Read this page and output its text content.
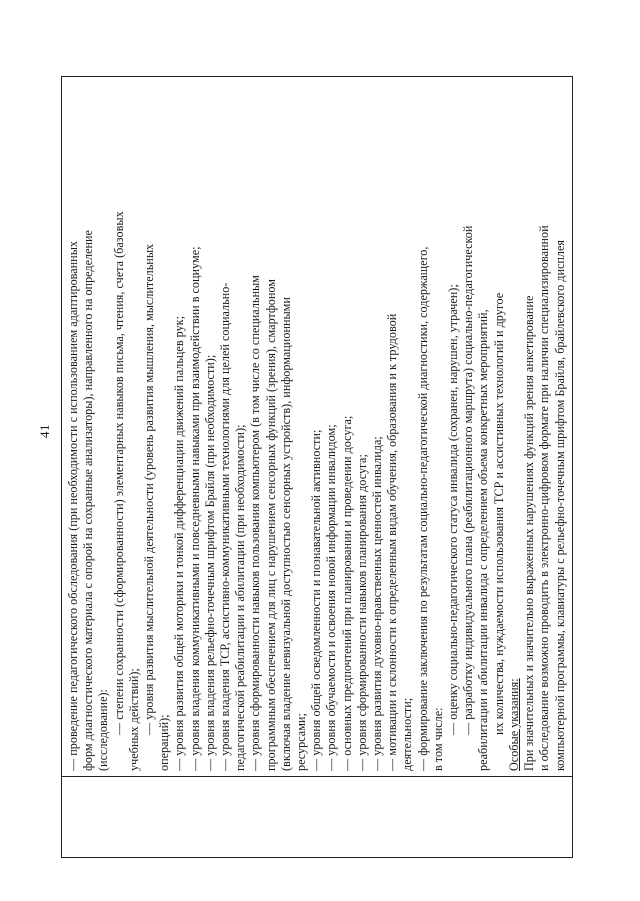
41 — проведение педагогического обследования (при необходимости с использованием адаптированных форм диагностического материала с опорой на сохранные анализаторы), направленного на определение (исследование): — степени сохранности (сформированности) элементарных навыков письма, чтения, счета (базовых учебных действий); — уровня развития мыслительной деятельности (уровень развития мышления, мыслительных
операций); — уровня развития общей моторики и тонкой дифференциации движений пальцев рук; — уровня владения коммуникативными и повседневными навыками при взаимодействии в социуме; — уровня владения рельефно-точечным шрифтом Брайля (при необходимости); — уровня владения ТСР, ассистивно-коммуникативными технологиями для целей социально- педагогической реабилитации и абилитации (при необходимости); — уровня сформированности навыков пользования компьютером (в том числе со специальным программным обеспечением для лиц с нарушением сенсорных функций (зрения), смартфоном (включая владение невизуальной доступностью сенсорных устройств), информационными ресурсами; — уровня общей осведомленности и познавательной активности; — уровня обучаемости и освоения новой информации инвалидом; — основных предпочтений при планировании и проведении досуга; — уровня сформированности навыков планирования досуга; — уровня развития духовно-нравственных ценностей инвалида; — мотивации и склонности к определенным видам обучения, образования и к трудовой деятельности; — формирование заключения по результатам социально-педагогической диагностики, содержащего, в том числе:
— оценку социально-педагогического статуса инвалида (сохранен, нарушен, утрачен); — разработку индивидуального плана (реабилитационного маршрута) социально-педагогической реабилитации и абилитации инвалида с определением объема конкретных мероприятий, их количества, нуждаемости использования ТСР и ассистивных технологий и другое Особые указания: При значительных и значительно выраженных нарушениях функций зрения анкетирование и обследование возможно проводить в электронно-цифровом формате при наличии специализированной компьютерной программы, клавиатуры с рельефно-точечным шрифтом Брайля, брайлевского дисплея
